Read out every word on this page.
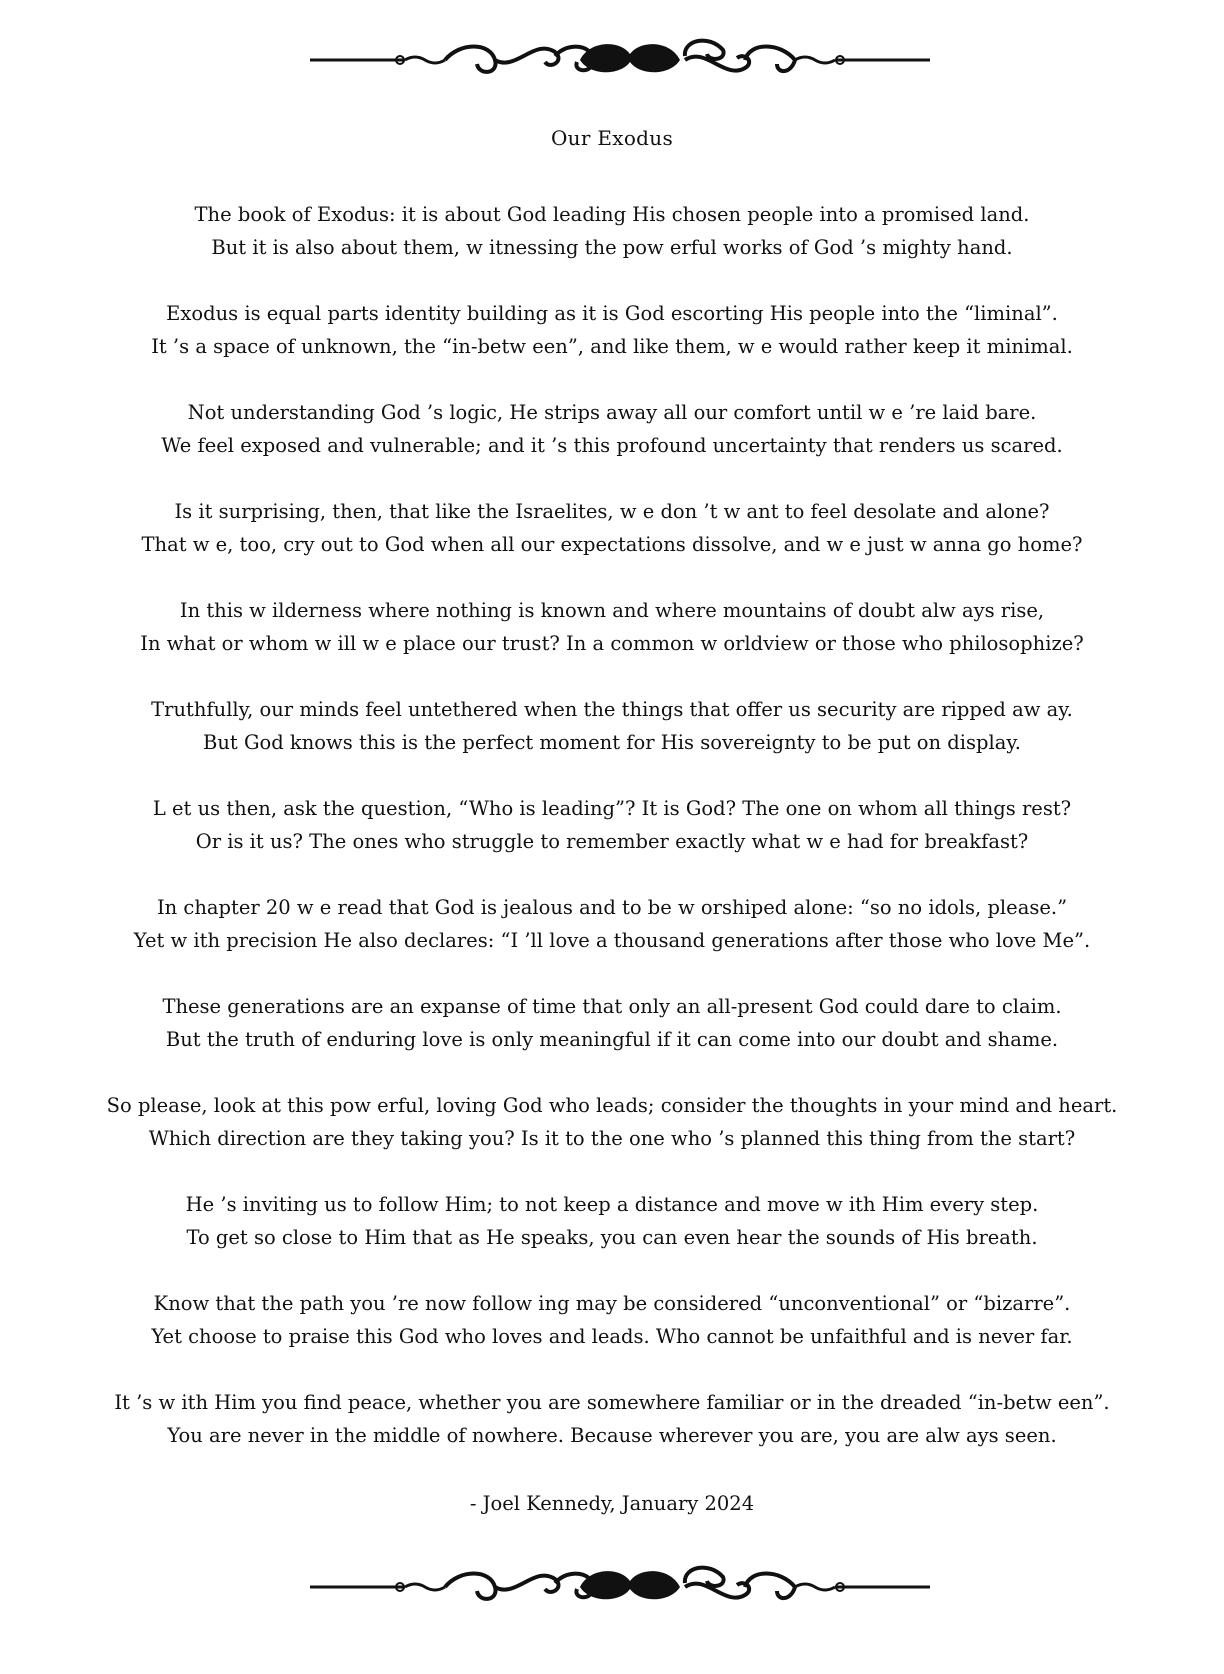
Our Exodus
The book of Exodus: it is about God leading His chosen people into a promised land.
But it is also about them, w itnessing the pow erful works of God ’s mighty hand.
Exodus is equal parts identity building as it is God escorting His people into the “liminal”.
It ’s a space of unknown, the “in-betw een”, and like them, w e would rather keep it minimal.
Not understanding God ’s logic, He strips away all our comfort until w e ’re laid bare.
We feel exposed and vulnerable; and it ’s this profound uncertainty that renders us scared.
Is it surprising, then, that like the Israelites, w e don ’t w ant to feel desolate and alone?
That w e, too, cry out to God when all our expectations dissolve, and w e just w anna go home?
In this w ilderness where nothing is known and where mountains of doubt alw ays rise,
In what or whom w ill w e place our trust? In a common w orldview or those who philosophize?
Truthfully, our minds feel untethered when the things that offer us security are ripped aw ay.
But God knows this is the perfect moment for His sovereignty to be put on display.
L et us then, ask the question, “Who is leading”? It is God? The one on whom all things rest?
Or is it us? The ones who struggle to remember exactly what w e had for breakfast?
In chapter 20 w e read that God is jealous and to be w orshiped alone: “so no idols, please.”
Yet w ith precision He also declares: “I ’ll love a thousand generations after those who love Me”.
These generations are an expanse of time that only an all-present God could dare to claim.
But the truth of enduring love is only meaningful if it can come into our doubt and shame.
So please, look at this pow erful, loving God who leads; consider the thoughts in your mind and heart.
Which direction are they taking you? Is it to the one who ’s planned this thing from the start?
He ’s inviting us to follow Him; to not keep a distance and move w ith Him every step.
To get so close to Him that as He speaks, you can even hear the sounds of His breath.
Know that the path you ’re now follow ing may be considered “unconventional” or “bizarre”.
Yet choose to praise this God who loves and leads. Who cannot be unfaithful and is never far.
It ’s w ith Him you find peace, whether you are somewhere familiar or in the dreaded “in-betw een”.
You are never in the middle of nowhere. Because wherever you are, you are alw ays seen.
- Joel Kennedy, January 2024
